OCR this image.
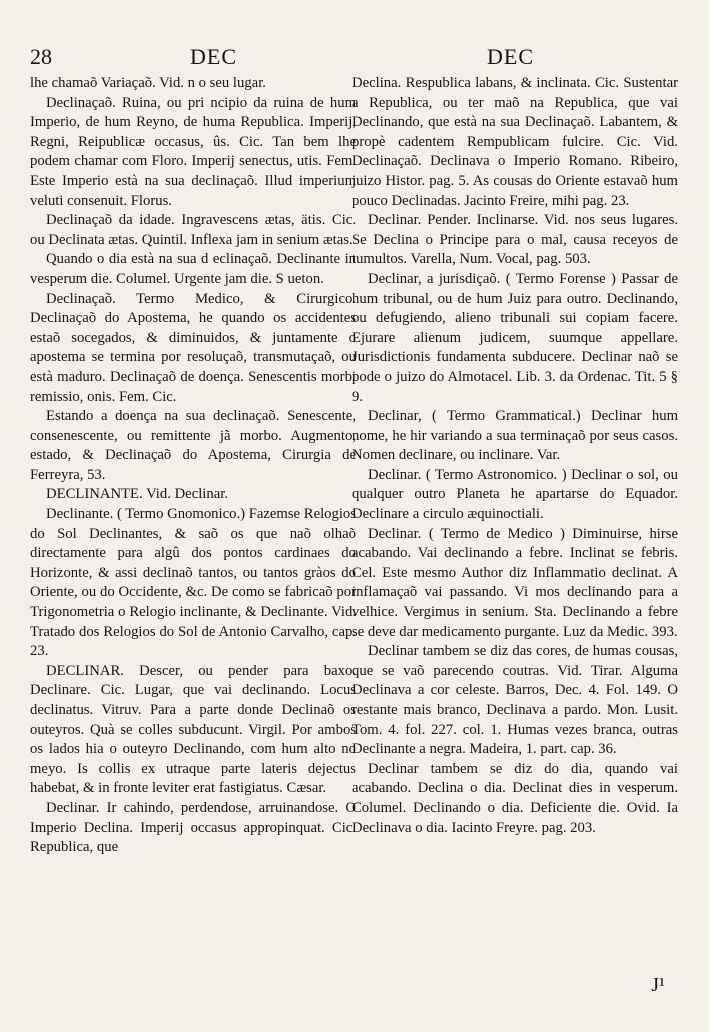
28	DEC	DEC

lhe chamaõ Variaçaõ. Vid. n o seu lugar.

Declinaçaõ. Ruina, ou pri ncipio da ruina de hum Imperio, de hum Reyno, de huma Republica. Imperij, Regni, Reipublicæ occasus, ûs. Cic. Tan bem lhe podem chamar com Floro. Imperij senectus, utis. Fem. Este Imperio està na sua declinaçaõ. Illud imperium veluti consenuit. Florus.

Declinaçaõ da idade. Ingravescens ætas, ätis. Cic. ou Declinata ætas. Quintil. Inflexa jam in senium ætas.

Quando o dia està na sua d eclinaçaõ. Declinante in vesperum die. Columel. Urgente jam die. S ueton.

Declinaçaõ. Termo Medico, & Cirurgico. Declinaçaõ do Apostema, he quando os accidentes estaõ socegados, & diminuidos, & juntamente o apostema se termina por resoluçaõ, transmutaçaõ, ou està maduro. Declinaçaõ de doença. Senescentis morbi remissio, onis. Fem. Cic.

Estando a doença na sua declinaçaõ. Senescente, consenescente, ou remittente jã morbo. Augmento, estado, & Declinaçaõ do Apostema, Cirurgia de Ferreyra, 53.

DECLINANTE. Vid. Declinar.

Declinante. ( Termo Gnomonico.) Fazemse Relogios do Sol Declinantes, & saõ os que naõ olhaõ directamente para algû dos pontos cardinaes do Horizonte, & assi declinaõ tantos, ou tantos gràos do Oriente, ou do Occidente, &c. De como se fabricaõ por Trigonometria o Relogio inclinante, & Declinante. Vid. Tratado dos Relogios do Sol de Antonio Carvalho, cap. 23.

DECLINAR. Descer, ou pender para baxo. Declinare. Cic. Lugar, que vai declinando. Locus declinatus. Vitruv. Para a parte donde Declinaõ os outeyros. Quà se colles subducunt. Virgil. Por ambos os lados hia o outeyro Declinando, com hum alto no meyo. Is collis ex utraque parte lateris dejectus habebat, & in fronte leviter erat fastigiatus. Cæsar.

Declinar. Ir cahindo, perdendose, arruinandose. O Imperio Declina. Imperij occasus appropinquat. Cic. Republica, que

Declina. Respublica labans, & inclinata. Cic. Sustentar a Republica, ou ter maõ na Republica, que vai Declinando, que està na sua Declinaçaõ. Labantem, & propè cadentem Rempublicam fulcire. Cic. Vid. Declinaçaõ. Declinava o Imperio Romano. Ribeiro, juizo Histor. pag. 5. As cousas do Oriente estavaõ hum pouco Declinadas. Jacinto Freire, mihi pag. 23.

Declinar. Pender. Inclinarse. Vid. nos seus lugares. Se Declina o Principe para o mal, causa receyos de tumultos. Varella, Num. Vocal, pag. 503.

Declinar, a jurisdiçaõ. ( Termo Forense ) Passar de hum tribunal, ou de hum Juiz para outro. Declinando, ou defugiendo, alieno tribunali sui copiam facere. Ejurare alienum judicem, suumque appellare. Jurisdictionis fundamenta subducere. Declinar naõ se pode o juizo do Almotacel. Lib. 3. da Ordenac. Tit. 5 § 9.

Declinar, ( Termo Grammatical.) Declinar hum nome, he hir variando a sua terminaçaõ por seus casos. Nomen declinare, ou inclinare. Var.

Declinar. ( Termo Astronomico. ) Declinar o sol, ou qualquer outro Planeta he apartarse do Equador. Declinare a circulo æquinoctiali.

Declinar. ( Termo de Medico ) Diminuirse, hirse acabando. Vai declinando a febre. Inclinat se febris. Cel. Este mesmo Author diz Inflammatio declinat. A inflamaçaõ vai passando. Vi mos declinando para a velhice. Vergimus in senium. Sta. Declinando a febre se deve dar medicamento purgante. Luz da Medic. 393.

Declinar tambem se diz das cores, de humas cousas, que se vaõ parecendo coutras. Vid. Tirar. Alguma Declinava a cor celeste. Barros, Dec. 4. Fol. 149. O restante mais branco, Declinava a pardo. Mon. Lusit. Tom. 4. fol. 227. col. 1. Humas vezes branca, outras Declinante a negra. Madeira, 1. part. cap. 36.

Declinar tambem se diz do dia, quando vai acabando. Declina o dia. Declinat dies in vesperum. Columel. Declinando o dia. Deficiente die. Ovid. Ia Declinava o dia. Iacinto Freyre. pag. 203.

J¹
